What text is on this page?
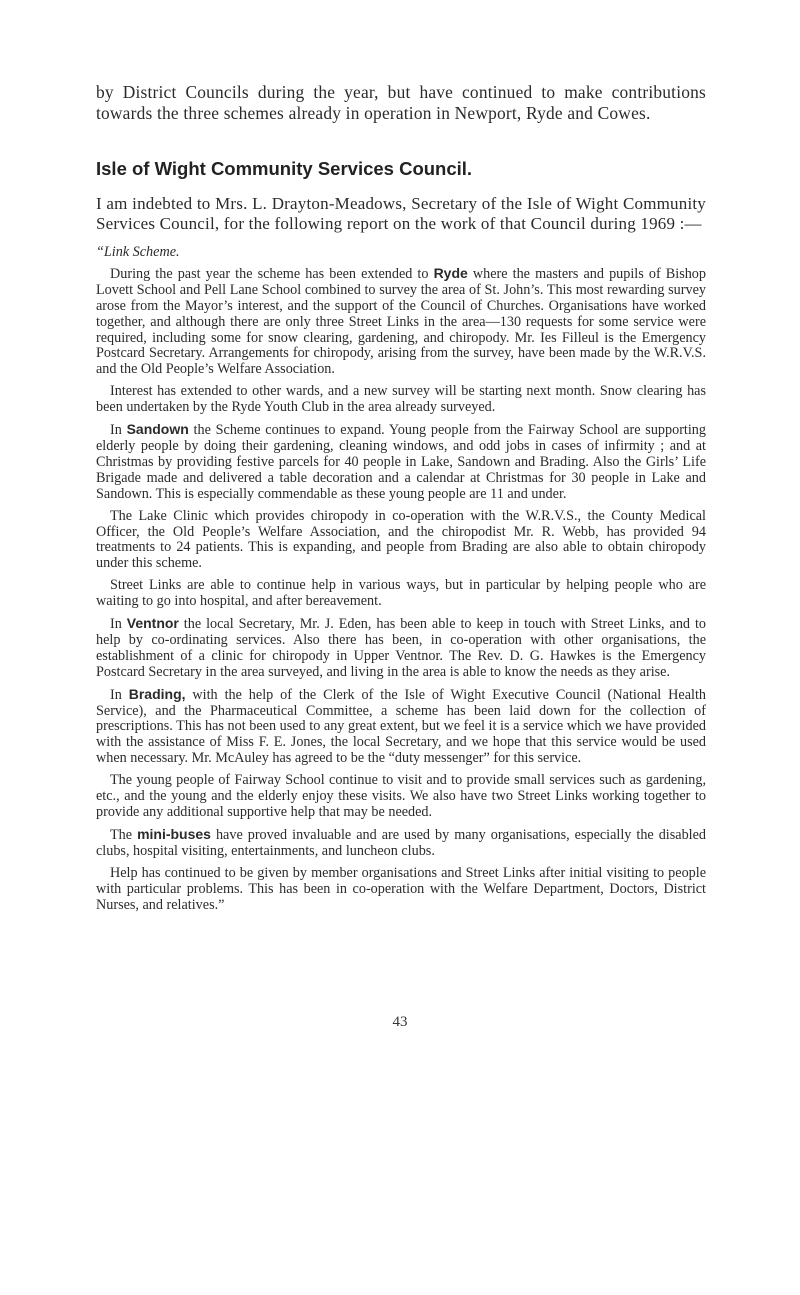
by District Councils during the year, but have continued to make contributions towards the three schemes already in operation in Newport, Ryde and Cowes.

Isle of Wight Community Services Council.

I am indebted to Mrs. L. Drayton-Meadows, Secretary of the Isle of Wight Community Services Council, for the following report on the work of that Council during 1969 :—

“Link Scheme.

During the past year the scheme has been extended to Ryde where the masters and pupils of Bishop Lovett School and Pell Lane School combined to survey the area of St. John’s. This most rewarding survey arose from the Mayor’s interest, and the support of the Council of Churches. Organisations have worked together, and although there are only three Street Links in the area—130 requests for some service were required, including some for snow clearing, gardening, and chiropody. Mr. Ies Filleul is the Emergency Postcard Secretary. Arrangements for chiropody, arising from the survey, have been made by the W.R.V.S. and the Old People’s Welfare Association.

Interest has extended to other wards, and a new survey will be starting next month. Snow clearing has been undertaken by the Ryde Youth Club in the area already surveyed.

In Sandown the Scheme continues to expand. Young people from the Fairway School are supporting elderly people by doing their gardening, cleaning windows, and odd jobs in cases of infirmity ; and at Christmas by providing festive parcels for 40 people in Lake, Sandown and Brading. Also the Girls’ Life Brigade made and delivered a table decoration and a calendar at Christmas for 30 people in Lake and Sandown. This is especially commendable as these young people are 11 and under.

The Lake Clinic which provides chiropody in co-operation with the W.R.V.S., the County Medical Officer, the Old People’s Welfare Association, and the chiropodist Mr. R. Webb, has provided 94 treatments to 24 patients. This is expanding, and people from Brading are also able to obtain chiropody under this scheme.

Street Links are able to continue help in various ways, but in particular by helping people who are waiting to go into hospital, and after bereavement.

In Ventnor the local Secretary, Mr. J. Eden, has been able to keep in touch with Street Links, and to help by co-ordinating services. Also there has been, in co-operation with other organisations, the establishment of a clinic for chiropody in Upper Ventnor. The Rev. D. G. Hawkes is the Emergency Postcard Secretary in the area surveyed, and living in the area is able to know the needs as they arise.

In Brading, with the help of the Clerk of the Isle of Wight Executive Council (National Health Service), and the Pharmaceutical Committee, a scheme has been laid down for the collection of prescriptions. This has not been used to any great extent, but we feel it is a service which we have provided with the assistance of Miss F. E. Jones, the local Secretary, and we hope that this service would be used when necessary. Mr. McAuley has agreed to be the “duty messenger” for this service.

The young people of Fairway School continue to visit and to provide small services such as gardening, etc., and the young and the elderly enjoy these visits. We also have two Street Links working together to provide any additional supportive help that may be needed.

The mini-buses have proved invaluable and are used by many organisations, especially the disabled clubs, hospital visiting, entertainments, and luncheon clubs.

Help has continued to be given by member organisations and Street Links after initial visiting to people with particular problems. This has been in co-operation with the Welfare Department, Doctors, District Nurses, and relatives.”

43
